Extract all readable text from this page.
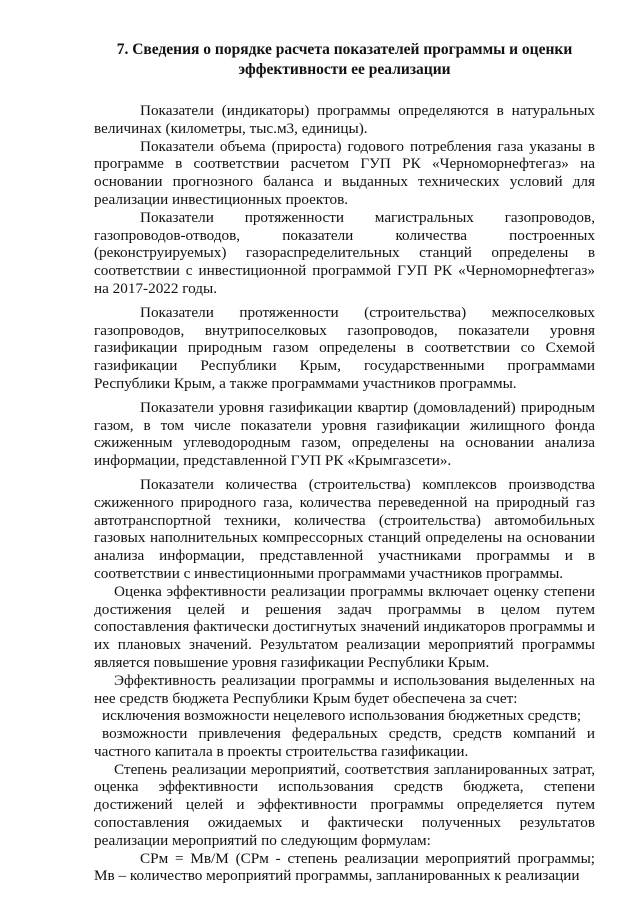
7. Сведения о порядке расчета показателей программы и оценки
эффективности ее реализации

Показатели (индикаторы) программы определяются в натуральных величинах (километры, тыс.м3, единицы).

Показатели объема (прироста) годового потребления газа указаны в программе в соответствии расчетом ГУП РК «Черноморнефтегаз» на основании прогнозного баланса и выданных технических условий для реализации инвестиционных проектов.

Показатели протяженности магистральных газопроводов, газопроводов-отводов, показатели количества построенных (реконструируемых) газораспределительных станций определены в соответствии с инвестиционной программой ГУП РК «Черноморнефтегаз» на 2017-2022 годы.

Показатели протяженности (строительства) межпоселковых газопроводов, внутрипоселковых газопроводов, показатели уровня газификации природным газом определены в соответствии со Схемой газификации Республики Крым, государственными программами Республики Крым, а также программами участников программы.

Показатели уровня газификации квартир (домовладений) природным газом, в том числе показатели уровня газификации жилищного фонда сжиженным углеводородным газом, определены на основании анализа информации, представленной ГУП РК «Крымгазсети».

Показатели количества (строительства) комплексов производства сжиженного природного газа, количества переведенной на природный газ автотранспортной техники, количества (строительства) автомобильных газовых наполнительных компрессорных станций определены на основании анализа информации, представленной участниками программы и в соответствии с инвестиционными программами участников программы.

Оценка эффективности реализации программы включает оценку степени достижения целей и решения задач программы в целом путем сопоставления фактически достигнутых значений индикаторов программы и их плановых значений. Результатом реализации мероприятий программы является повышение уровня газификации Республики Крым.

Эффективность реализации программы и использования выделенных на нее средств бюджета Республики Крым будет обеспечена за счет:

исключения возможности нецелевого использования бюджетных средств;

возможности привлечения федеральных средств, средств компаний и частного капитала в проекты строительства газификации.

Степень реализации мероприятий, соответствия запланированных затрат, оценка эффективности использования средств бюджета, степени достижений целей и эффективности программы определяется путем сопоставления ожидаемых и фактически полученных результатов реализации мероприятий по следующим формулам:

СРм = Мв/М (СРм - степень реализации мероприятий программы; Мв – количество мероприятий программы, запланированных к реализации
